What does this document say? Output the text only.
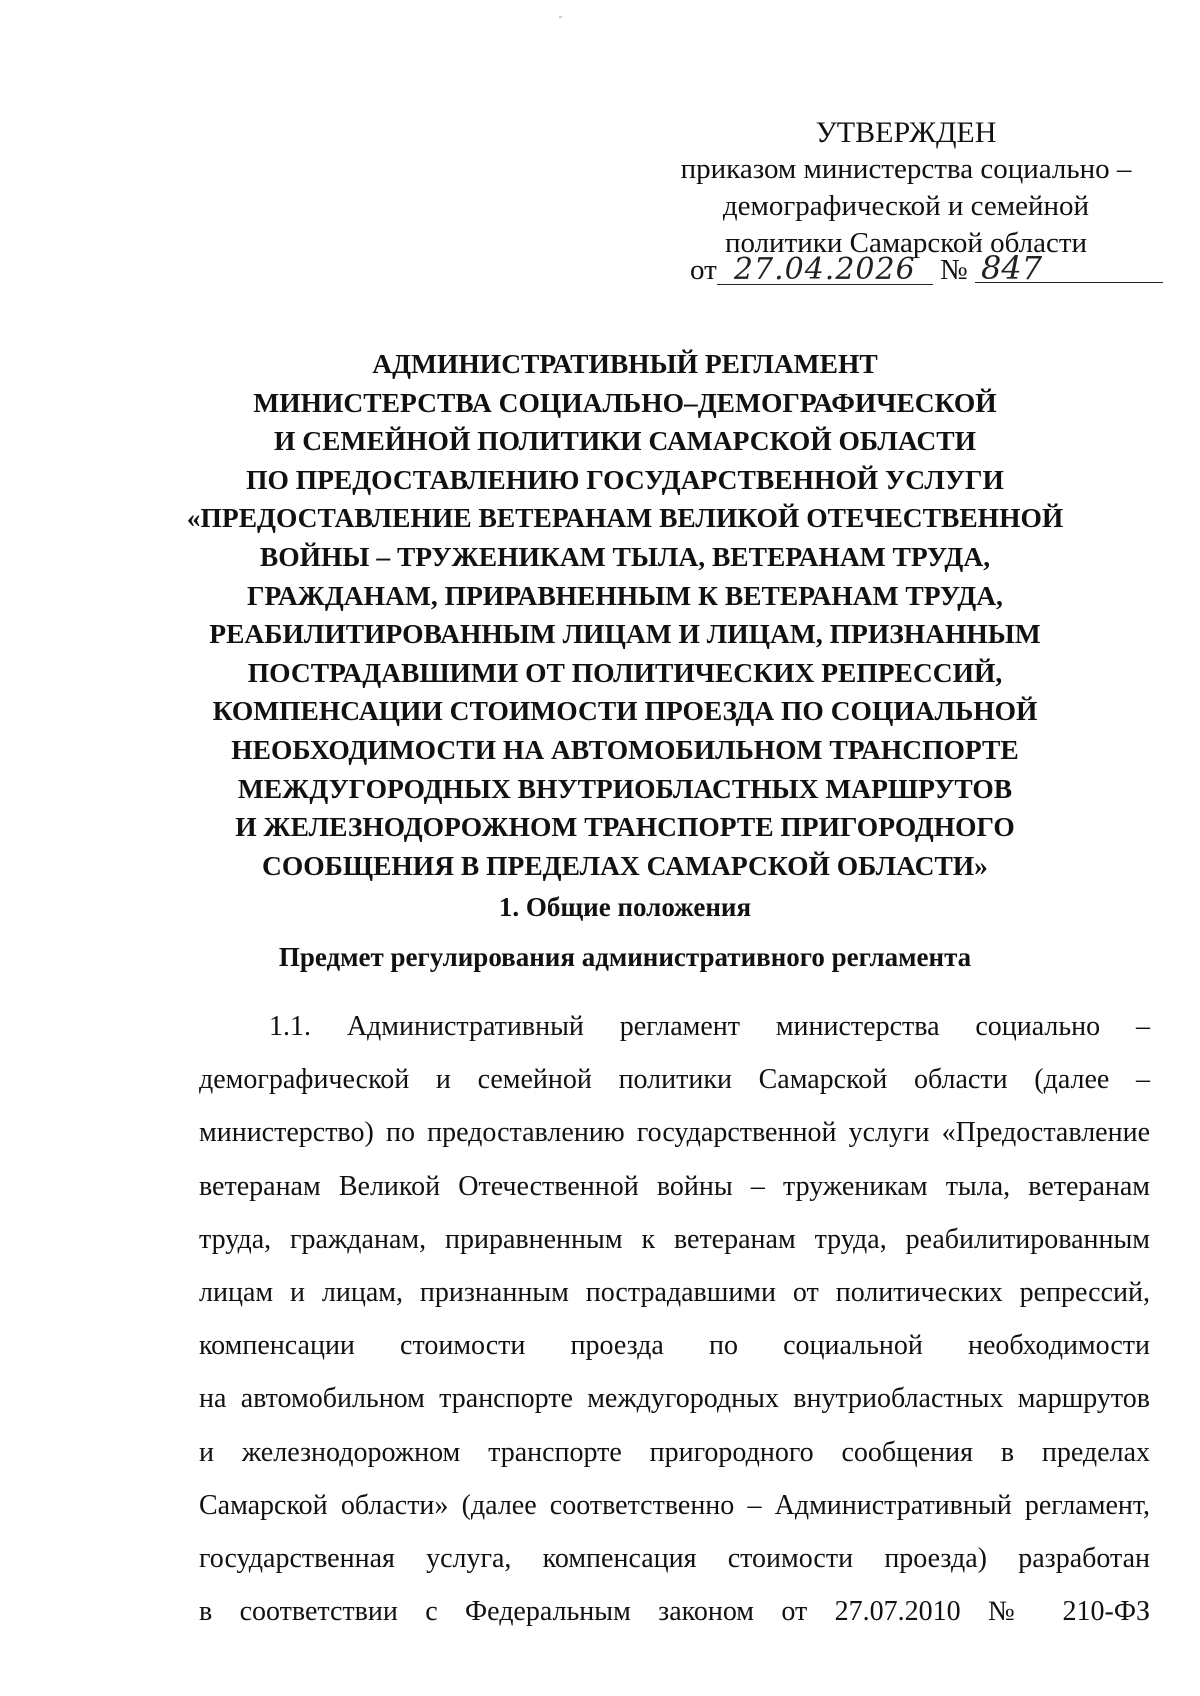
УТВЕРЖДЕН
приказом министерства социально –
демографической и семейной
политики Самарской области
от 27.04.2026 № 847
АДМИНИСТРАТИВНЫЙ РЕГЛАМЕНТ
МИНИСТЕРСТВА СОЦИАЛЬНО–ДЕМОГРАФИЧЕСКОЙ
И СЕМЕЙНОЙ ПОЛИТИКИ САМАРСКОЙ ОБЛАСТИ
ПО ПРЕДОСТАВЛЕНИЮ ГОСУДАРСТВЕННОЙ УСЛУГИ
«ПРЕДОСТАВЛЕНИЕ ВЕТЕРАНАМ ВЕЛИКОЙ ОТЕЧЕСТВЕННОЙ
ВОЙНЫ – ТРУЖЕНИКАМ ТЫЛА, ВЕТЕРАНАМ ТРУДА,
ГРАЖДАНАМ, ПРИРАВНЕННЫМ К ВЕТЕРАНАМ ТРУДА,
РЕАБИЛИТИРОВАННЫМ ЛИЦАМ И ЛИЦАМ, ПРИЗНАННЫМ
ПОСТРАДАВШИМИ ОТ ПОЛИТИЧЕСКИХ РЕПРЕССИЙ,
КОМПЕНСАЦИИ СТОИМОСТИ ПРОЕЗДА ПО СОЦИАЛЬНОЙ
НЕОБХОДИМОСТИ НА АВТОМОБИЛЬНОМ ТРАНСПОРТЕ
МЕЖДУГОРОДНЫХ ВНУТРИОБЛАСТНЫХ МАРШРУТОВ
И ЖЕЛЕЗНОДОРОЖНОМ ТРАНСПОРТЕ ПРИГОРОДНОГО
СООБЩЕНИЯ В ПРЕДЕЛАХ САМАРСКОЙ ОБЛАСТИ»
1. Общие положения
Предмет регулирования административного регламента
1.1. Административный регламент министерства социально –
демографической и семейной политики Самарской области (далее –
министерство) по предоставлению государственной услуги «Предоставление
ветеранам Великой Отечественной войны – труженикам тыла, ветеранам
труда, гражданам, приравненным к ветеранам труда, реабилитированным
лицам и лицам, признанным пострадавшими от политических репрессий,
компенсации стоимости проезда по социальной необходимости
на автомобильном транспорте междугородных внутриобластных маршрутов
и железнодорожном транспорте пригородного сообщения в пределах
Самарской области» (далее соответственно – Административный регламент,
государственная услуга, компенсация стоимости проезда) разработан
в соответствии с Федеральным законом от 27.07.2010 № 210-ФЗ
